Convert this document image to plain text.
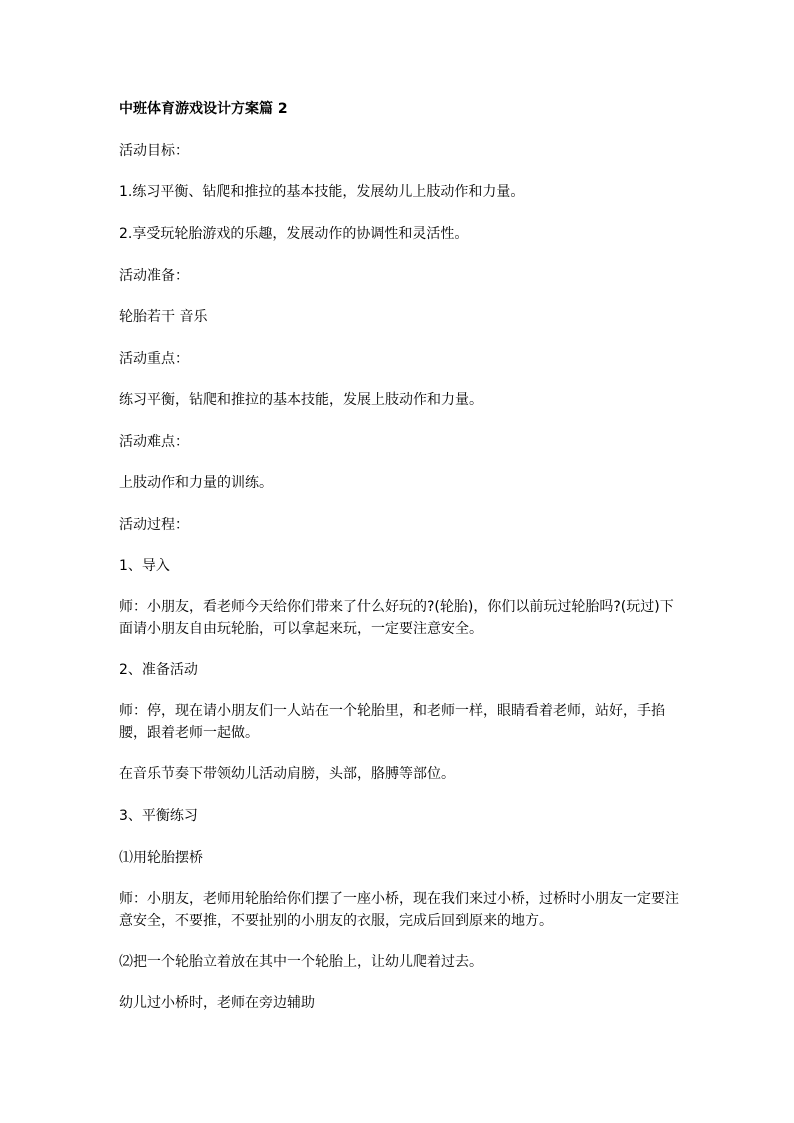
中班体育游戏设计方案篇 2

活动目标：

1.练习平衡、钻爬和推拉的基本技能，发展幼儿上肢动作和力量。

2.享受玩轮胎游戏的乐趣，发展动作的协调性和灵活性。

活动准备：

轮胎若干 音乐

活动重点：

练习平衡，钻爬和推拉的基本技能，发展上肢动作和力量。

活动难点：

上肢动作和力量的训练。

活动过程：

1、导入

师：小朋友，看老师今天给你们带来了什么好玩的?(轮胎)，你们以前玩过轮胎吗?(玩过)下面请小朋友自由玩轮胎，可以拿起来玩，一定要注意安全。

2、准备活动

师：停，现在请小朋友们一人站在一个轮胎里，和老师一样，眼睛看着老师，站好，手掐腰，跟着老师一起做。

在音乐节奏下带领幼儿活动肩膀，头部，胳膊等部位。

3、平衡练习

⑴用轮胎摆桥

师：小朋友，老师用轮胎给你们摆了一座小桥，现在我们来过小桥，过桥时小朋友一定要注意安全，不要推，不要扯别的小朋友的衣服，完成后回到原来的地方。

⑵把一个轮胎立着放在其中一个轮胎上，让幼儿爬着过去。

幼儿过小桥时，老师在旁边辅助
